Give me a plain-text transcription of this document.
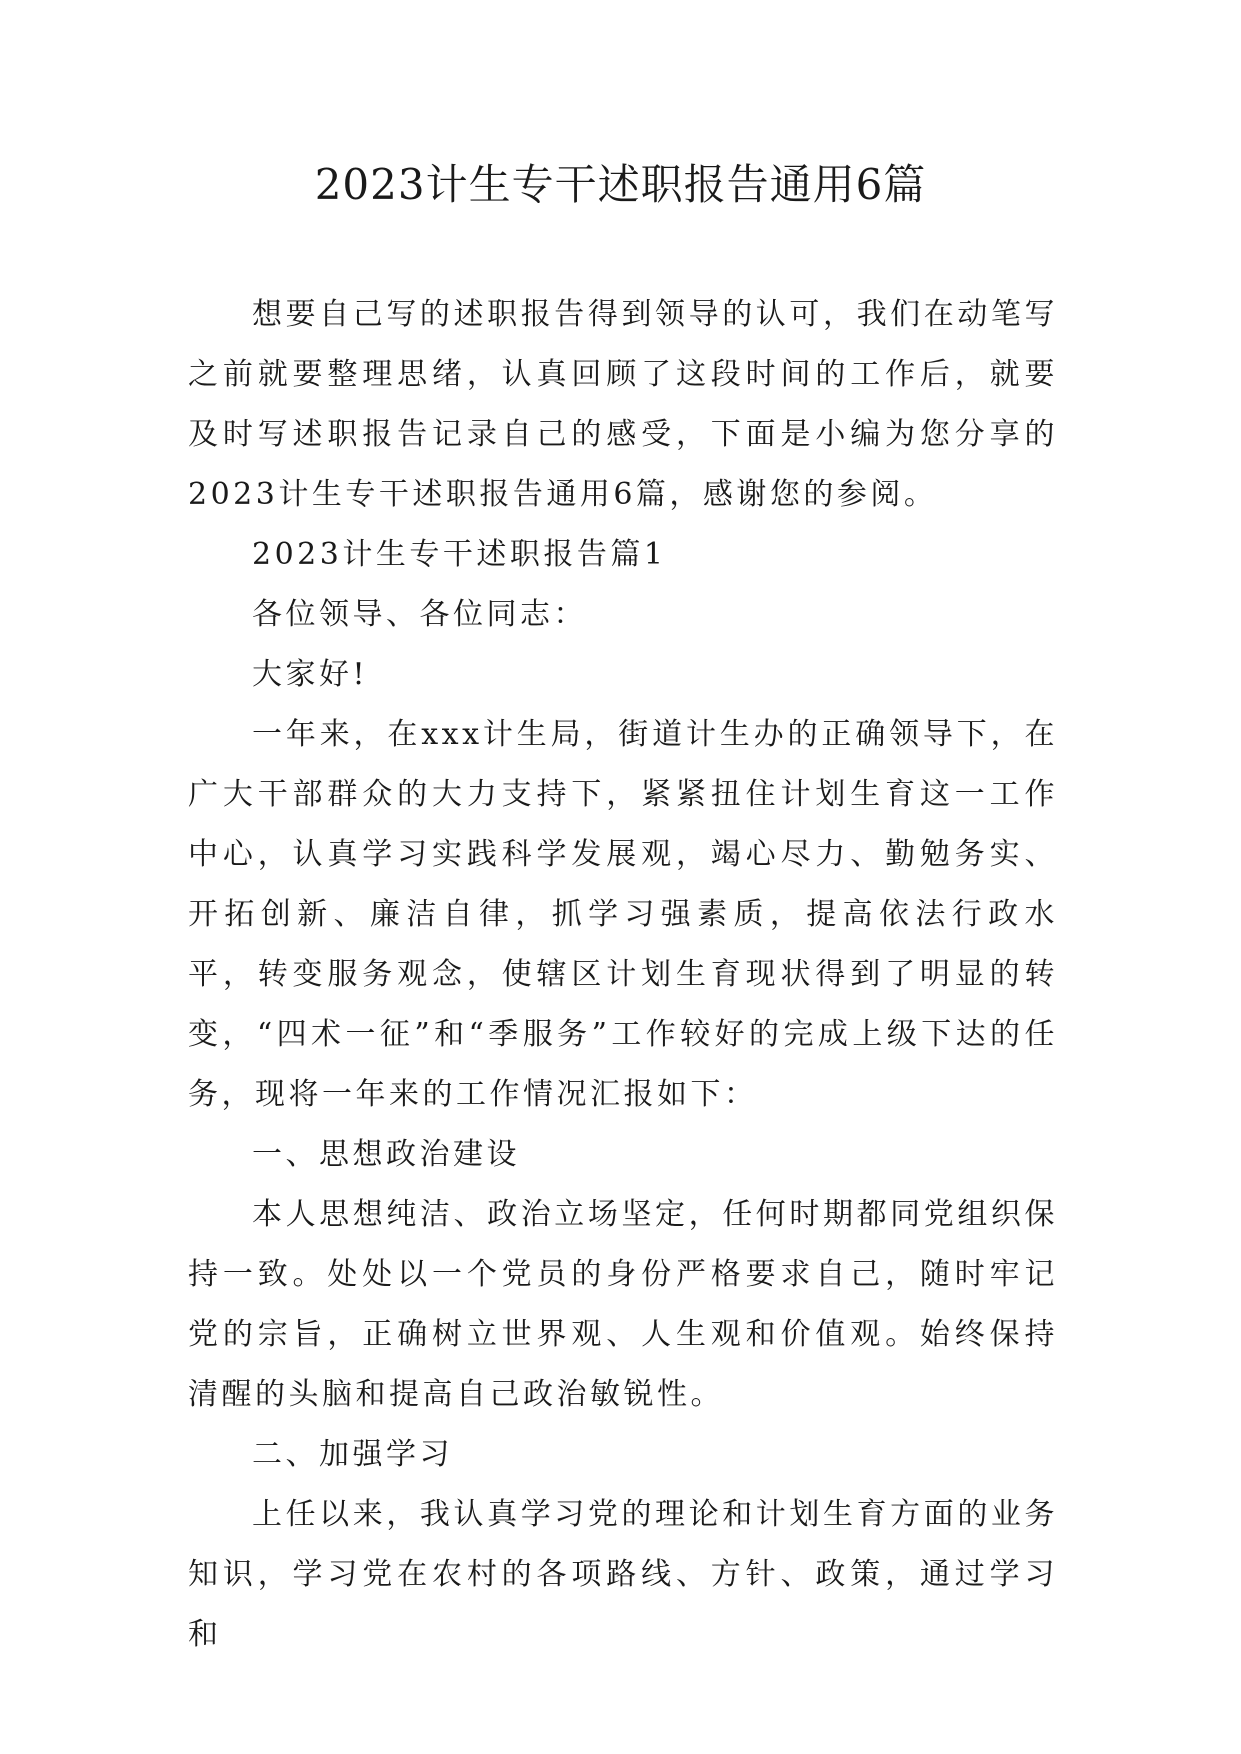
2023计生专干述职报告通用6篇

想要自己写的述职报告得到领导的认可，我们在动笔写之前就要整理思绪，认真回顾了这段时间的工作后，就要及时写述职报告记录自己的感受，下面是小编为您分享的2023计生专干述职报告通用6篇，感谢您的参阅。

2023计生专干述职报告篇1

各位领导、各位同志：

大家好!

一年来，在xxx计生局，街道计生办的正确领导下，在广大干部群众的大力支持下，紧紧扭住计划生育这一工作中心，认真学习实践科学发展观，竭心尽力、勤勉务实、开拓创新、廉洁自律，抓学习强素质，提高依法行政水平，转变服务观念，使辖区计划生育现状得到了明显的转变，“四术一征”和“季服务”工作较好的完成上级下达的任务，现将一年来的工作情况汇报如下：

一、思想政治建设

本人思想纯洁、政治立场坚定，任何时期都同党组织保持一致。处处以一个党员的身份严格要求自己，随时牢记党的宗旨，正确树立世界观、人生观和价值观。始终保持清醒的头脑和提高自己政治敏锐性。

二、加强学习

上任以来，我认真学习党的理论和计划生育方面的业务知识，学习党在农村的各项路线、方针、政策，通过学习和
